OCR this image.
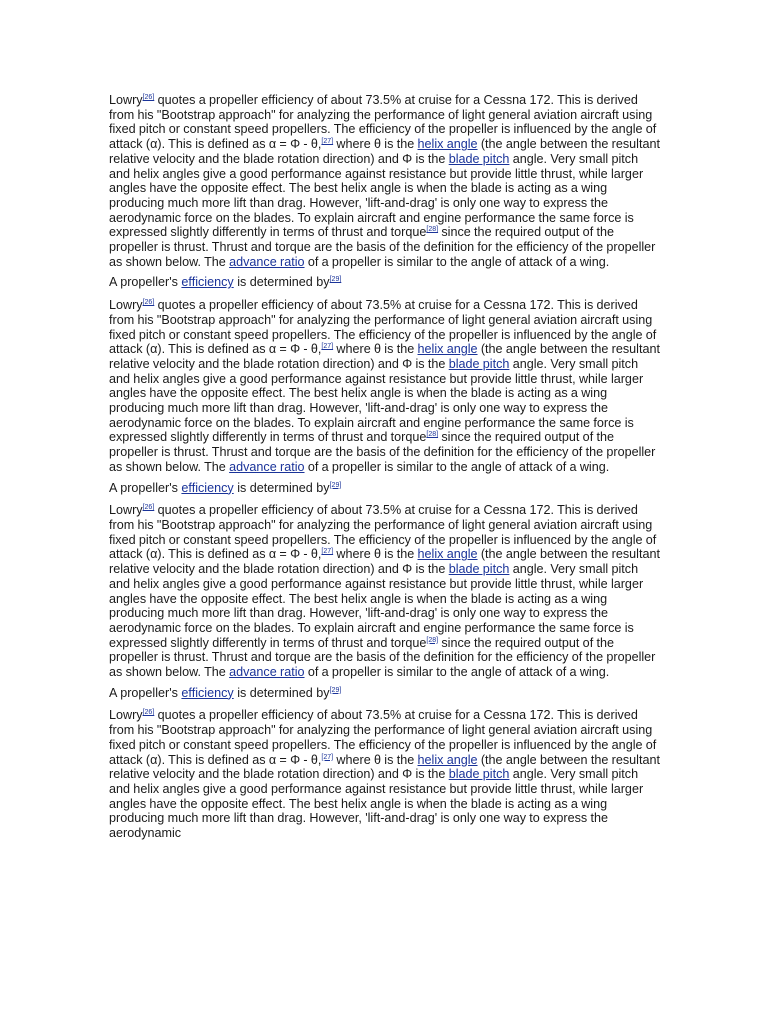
Lowry[26] quotes a propeller efficiency of about 73.5% at cruise for a Cessna 172. This is derived from his "Bootstrap approach" for analyzing the performance of light general aviation aircraft using fixed pitch or constant speed propellers. The efficiency of the propeller is influenced by the angle of attack (α). This is defined as α = Φ - θ,[27] where θ is the helix angle (the angle between the resultant relative velocity and the blade rotation direction) and Φ is the blade pitch angle. Very small pitch and helix angles give a good performance against resistance but provide little thrust, while larger angles have the opposite effect. The best helix angle is when the blade is acting as a wing producing much more lift than drag. However, 'lift-and-drag' is only one way to express the aerodynamic force on the blades. To explain aircraft and engine performance the same force is expressed slightly differently in terms of thrust and torque[28] since the required output of the propeller is thrust. Thrust and torque are the basis of the definition for the efficiency of the propeller as shown below. The advance ratio of a propeller is similar to the angle of attack of a wing.

A propeller's efficiency is determined by[29]

Lowry[26] quotes a propeller efficiency of about 73.5% at cruise for a Cessna 172. This is derived from his "Bootstrap approach" for analyzing the performance of light general aviation aircraft using fixed pitch or constant speed propellers. The efficiency of the propeller is influenced by the angle of attack (α). This is defined as α = Φ - θ,[27] where θ is the helix angle (the angle between the resultant relative velocity and the blade rotation direction) and Φ is the blade pitch angle. Very small pitch and helix angles give a good performance against resistance but provide little thrust, while larger angles have the opposite effect. The best helix angle is when the blade is acting as a wing producing much more lift than drag. However, 'lift-and-drag' is only one way to express the aerodynamic force on the blades. To explain aircraft and engine performance the same force is expressed slightly differently in terms of thrust and torque[28] since the required output of the propeller is thrust. Thrust and torque are the basis of the definition for the efficiency of the propeller as shown below. The advance ratio of a propeller is similar to the angle of attack of a wing.

A propeller's efficiency is determined by[29]

Lowry[26] quotes a propeller efficiency of about 73.5% at cruise for a Cessna 172. This is derived from his "Bootstrap approach" for analyzing the performance of light general aviation aircraft using fixed pitch or constant speed propellers. The efficiency of the propeller is influenced by the angle of attack (α). This is defined as α = Φ - θ,[27] where θ is the helix angle (the angle between the resultant relative velocity and the blade rotation direction) and Φ is the blade pitch angle. Very small pitch and helix angles give a good performance against resistance but provide little thrust, while larger angles have the opposite effect. The best helix angle is when the blade is acting as a wing producing much more lift than drag. However, 'lift-and-drag' is only one way to express the aerodynamic force on the blades. To explain aircraft and engine performance the same force is expressed slightly differently in terms of thrust and torque[28] since the required output of the propeller is thrust. Thrust and torque are the basis of the definition for the efficiency of the propeller as shown below. The advance ratio of a propeller is similar to the angle of attack of a wing.

A propeller's efficiency is determined by[29]

Lowry[26] quotes a propeller efficiency of about 73.5% at cruise for a Cessna 172. This is derived from his "Bootstrap approach" for analyzing the performance of light general aviation aircraft using fixed pitch or constant speed propellers. The efficiency of the propeller is influenced by the angle of attack (α). This is defined as α = Φ - θ,[27] where θ is the helix angle (the angle between the resultant relative velocity and the blade rotation direction) and Φ is the blade pitch angle. Very small pitch and helix angles give a good performance against resistance but provide little thrust, while larger angles have the opposite effect. The best helix angle is when the blade is acting as a wing producing much more lift than drag. However, 'lift-and-drag' is only one way to express the aerodynamic
